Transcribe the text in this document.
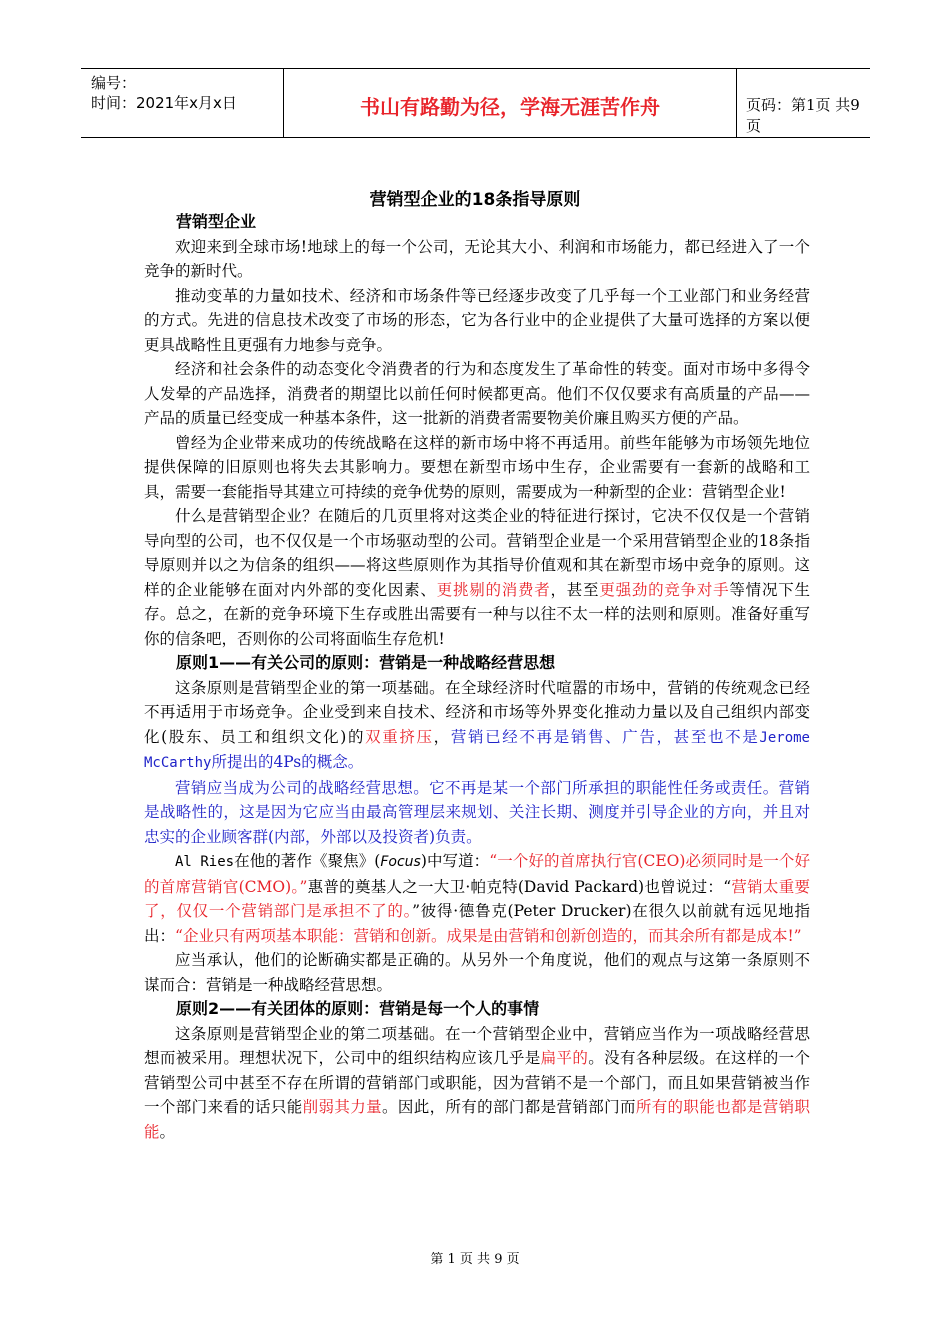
编号：
时间：2021年x月x日	书山有路勤为径，学海无涯苦作舟	页码：第1页 共9页
营销型企业的18条指导原则
营销型企业

欢迎来到全球市场!地球上的每一个公司，无论其大小、利润和市场能力，都已经进入了一个竞争的新时代。

推动变革的力量如技术、经济和市场条件等已经逐步改变了几乎每一个工业部门和业务经营的方式。先进的信息技术改变了市场的形态，它为各行业中的企业提供了大量可选择的方案以便更具战略性且更强有力地参与竞争。

经济和社会条件的动态变化令消费者的行为和态度发生了革命性的转变。面对市场中多得令人发晕的产品选择，消费者的期望比以前任何时候都更高。他们不仅仅要求有高质量的产品——产品的质量已经变成一种基本条件，这一批新的消费者需要物美价廉且购买方便的产品。

曾经为企业带来成功的传统战略在这样的新市场中将不再适用。前些年能够为市场领先地位提供保障的旧原则也将失去其影响力。要想在新型市场中生存，企业需要有一套新的战略和工具，需要一套能指导其建立可持续的竞争优势的原则，需要成为一种新型的企业：营销型企业!

什么是营销型企业？在随后的几页里将对这类企业的特征进行探讨，它决不仅仅是一个营销导向型的公司，也不仅仅是一个市场驱动型的公司。营销型企业是一个采用营销型企业的18条指导原则并以之为信条的组织——将这些原则作为其指导价值观和其在新型市场中竞争的原则。这样的企业能够在面对内外部的变化因素、更挑剔的消费者，甚至更强劲的竞争对手等情况下生存。总之，在新的竞争环境下生存或胜出需要有一种与以往不太一样的法则和原则。准备好重写你的信条吧，否则你的公司将面临生存危机!

原则1——有关公司的原则：营销是一种战略经营思想

这条原则是营销型企业的第一项基础。在全球经济时代喧嚣的市场中，营销的传统观念已经不再适用于市场竞争。企业受到来自技术、经济和市场等外界变化推动力量以及自己组织内部变化(股东、员工和组织文化)的双重挤压，营销已经不再是销售、广告，甚至也不是Jerome McCarthy所提出的4Ps的概念。

营销应当成为公司的战略经营思想。它不再是某一个部门所承担的职能性任务或责任。营销是战略性的，这是因为它应当由最高管理层来规划、关注长期、测度并引导企业的方向，并且对忠实的企业顾客群(内部，外部以及投资者)负责。

Al Ries在他的著作《聚焦》(Focus)中写道：“一个好的首席执行官(CEO)必须同时是一个好的首席营销官(CMO)。”惠普的奠基人之一大卫·帕克特(David Packard)也曾说过：“营销太重要了，仅仅一个营销部门是承担不了的。”彼得·德鲁克(Peter Drucker)在很久以前就有远见地指出：“企业只有两项基本职能：营销和创新。成果是由营销和创新创造的，而其余所有都是成本!”

应当承认，他们的论断确实都是正确的。从另外一个角度说，他们的观点与这第一条原则不谋而合：营销是一种战略经营思想。

原则2——有关团体的原则：营销是每一个人的事情

这条原则是营销型企业的第二项基础。在一个营销型企业中，营销应当作为一项战略经营思想而被采用。理想状况下，公司中的组织结构应该几乎是扁平的。没有各种层级。在这样的一个营销型公司中甚至不存在所谓的营销部门或职能，因为营销不是一个部门，而且如果营销被当作一个部门来看的话只能削弱其力量。因此，所有的部门都是营销部门而所有的职能也都是营销职能。

第 1 页 共 9 页
